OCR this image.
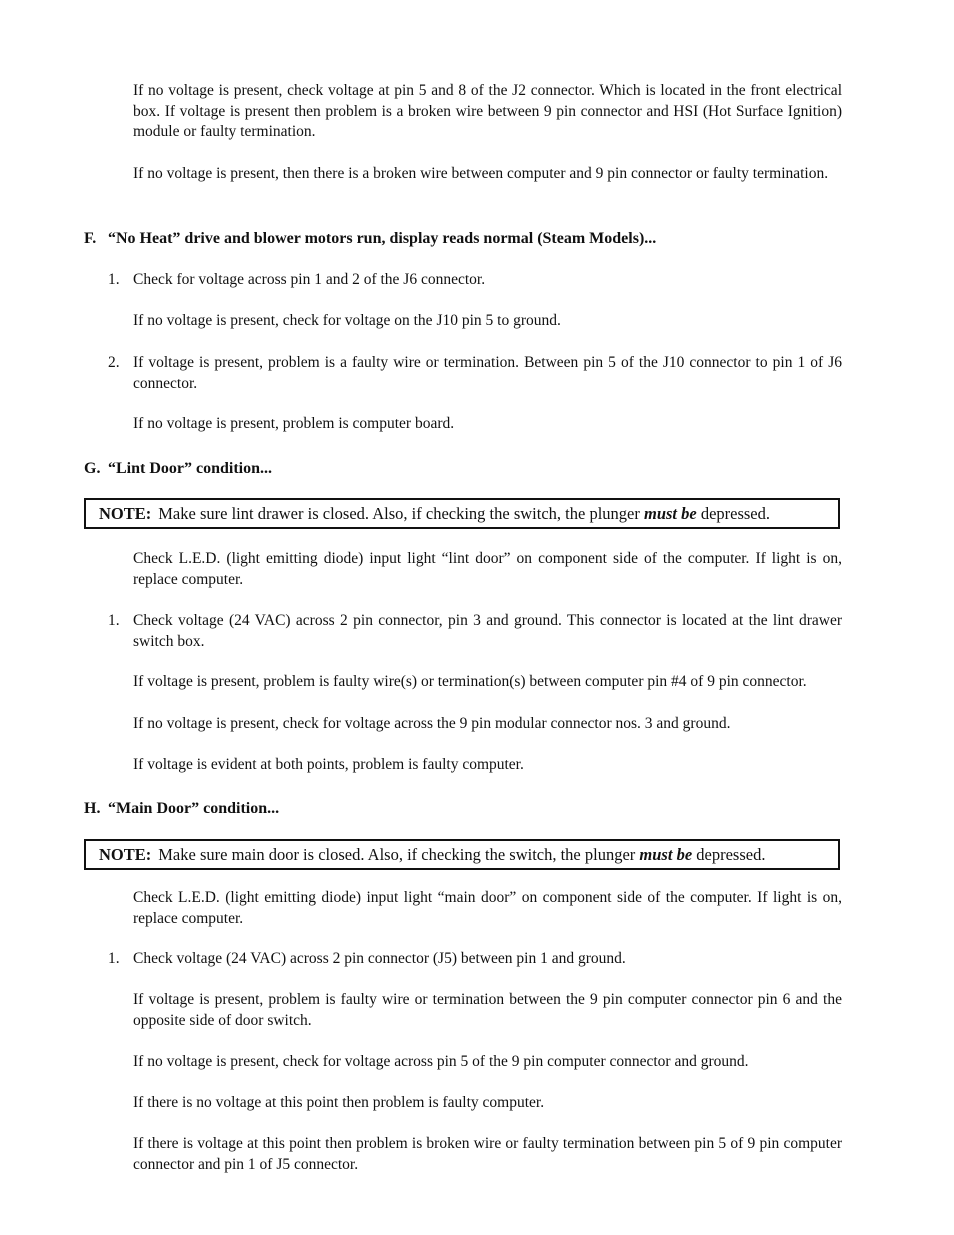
If no voltage is present, check voltage at pin 5 and 8 of the J2 connector. Which is located in the front electrical box. If voltage is present then problem is a broken wire between 9 pin connector and HSI (Hot Surface Ignition) module or faulty termination.

If no voltage is present, then there is a broken wire between computer and 9 pin connector or faulty termination.

F. “No Heat” drive and blower motors run, display reads normal (Steam Models)...
1. Check for voltage across pin 1 and 2 of the J6 connector.

If no voltage is present, check for voltage on the J10 pin 5 to ground.

2. If voltage is present, problem is a faulty wire or termination. Between pin 5 of the J10 connector to pin 1 of J6 connector.

If no voltage is present, problem is computer board.

G. “Lint Door” condition...
NOTE: Make sure lint drawer is closed. Also, if checking the switch, the plunger must be depressed.

Check L.E.D. (light emitting diode) input light “lint door” on component side of the computer. If light is on, replace computer.

1. Check voltage (24 VAC) across 2 pin connector, pin 3 and ground. This connector is located at the lint drawer switch box.

If voltage is present, problem is faulty wire(s) or termination(s) between computer pin #4 of 9 pin connector.

If no voltage is present, check for voltage across the 9 pin modular connector nos. 3 and ground.

If voltage is evident at both points, problem is faulty computer.

H. “Main Door” condition...
NOTE: Make sure main door is closed. Also, if checking the switch, the plunger must be depressed.

Check L.E.D. (light emitting diode) input light “main door” on component side of the computer. If light is on, replace computer.

1. Check voltage (24 VAC) across 2 pin connector (J5) between pin 1 and ground.

If voltage is present, problem is faulty wire or termination between the 9 pin computer connector pin 6 and the opposite side of door switch.

If no voltage is present, check for voltage across pin 5 of the 9 pin computer connector and ground.

If there is no voltage at this point then problem is faulty computer.

If there is voltage at this point then problem is broken wire or faulty termination between pin 5 of 9 pin computer connector and pin 1 of J5 connector.
